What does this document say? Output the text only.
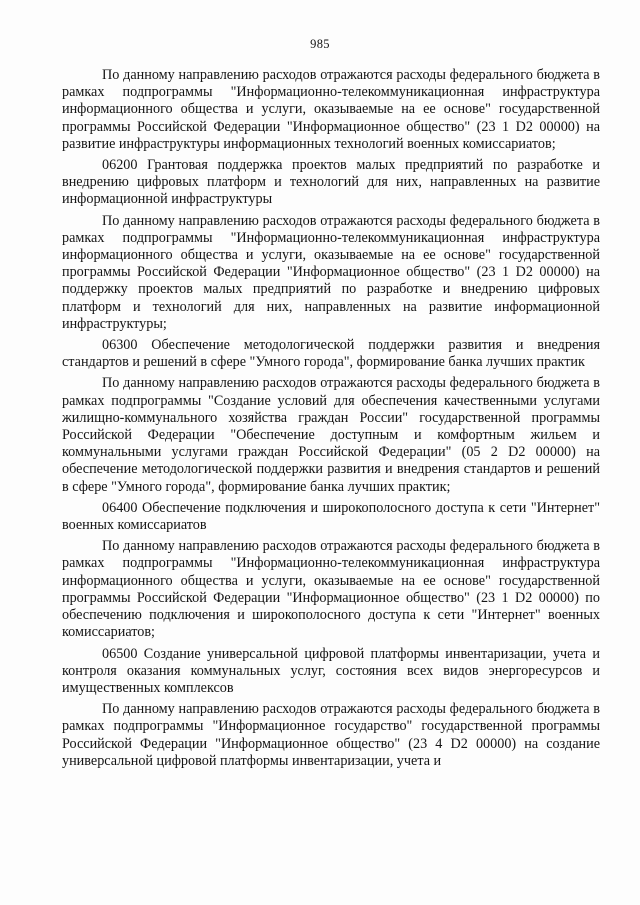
985

По данному направлению расходов отражаются расходы федерального бюджета в рамках подпрограммы "Информационно-телекоммуникационная инфраструктура информационного общества и услуги, оказываемые на ее основе" государственной программы Российской Федерации "Информационное общество" (23 1 D2 00000) на развитие инфраструктуры информационных технологий военных комиссариатов;

06200 Грантовая поддержка проектов малых предприятий по разработке и внедрению цифровых платформ и технологий для них, направленных на развитие информационной инфраструктуры

По данному направлению расходов отражаются расходы федерального бюджета в рамках подпрограммы "Информационно-телекоммуникационная инфраструктура информационного общества и услуги, оказываемые на ее основе" государственной программы Российской Федерации "Информационное общество" (23 1 D2 00000) на поддержку проектов малых предприятий по разработке и внедрению цифровых платформ и технологий для них, направленных на развитие информационной инфраструктуры;

06300 Обеспечение методологической поддержки развития и внедрения стандартов и решений в сфере "Умного города", формирование банка лучших практик

По данному направлению расходов отражаются расходы федерального бюджета в рамках подпрограммы "Создание условий для обеспечения качественными услугами жилищно-коммунального хозяйства граждан России" государственной программы Российской Федерации "Обеспечение доступным и комфортным жильем и коммунальными услугами граждан Российской Федерации" (05 2 D2 00000) на обеспечение методологической поддержки развития и внедрения стандартов и решений в сфере "Умного города", формирование банка лучших практик;

06400 Обеспечение подключения и широкополосного доступа к сети "Интернет" военных комиссариатов

По данному направлению расходов отражаются расходы федерального бюджета в рамках подпрограммы "Информационно-телекоммуникационная инфраструктура информационного общества и услуги, оказываемые на ее основе" государственной программы Российской Федерации "Информационное общество" (23 1 D2 00000) по обеспечению подключения и широкополосного доступа к сети "Интернет" военных комиссариатов;

06500 Создание универсальной цифровой платформы инвентаризации, учета и контроля оказания коммунальных услуг, состояния всех видов энергоресурсов и имущественных комплексов

По данному направлению расходов отражаются расходы федерального бюджета в рамках подпрограммы "Информационное государство" государственной программы Российской Федерации "Информационное общество" (23 4 D2 00000) на создание универсальной цифровой платформы инвентаризации, учета и
